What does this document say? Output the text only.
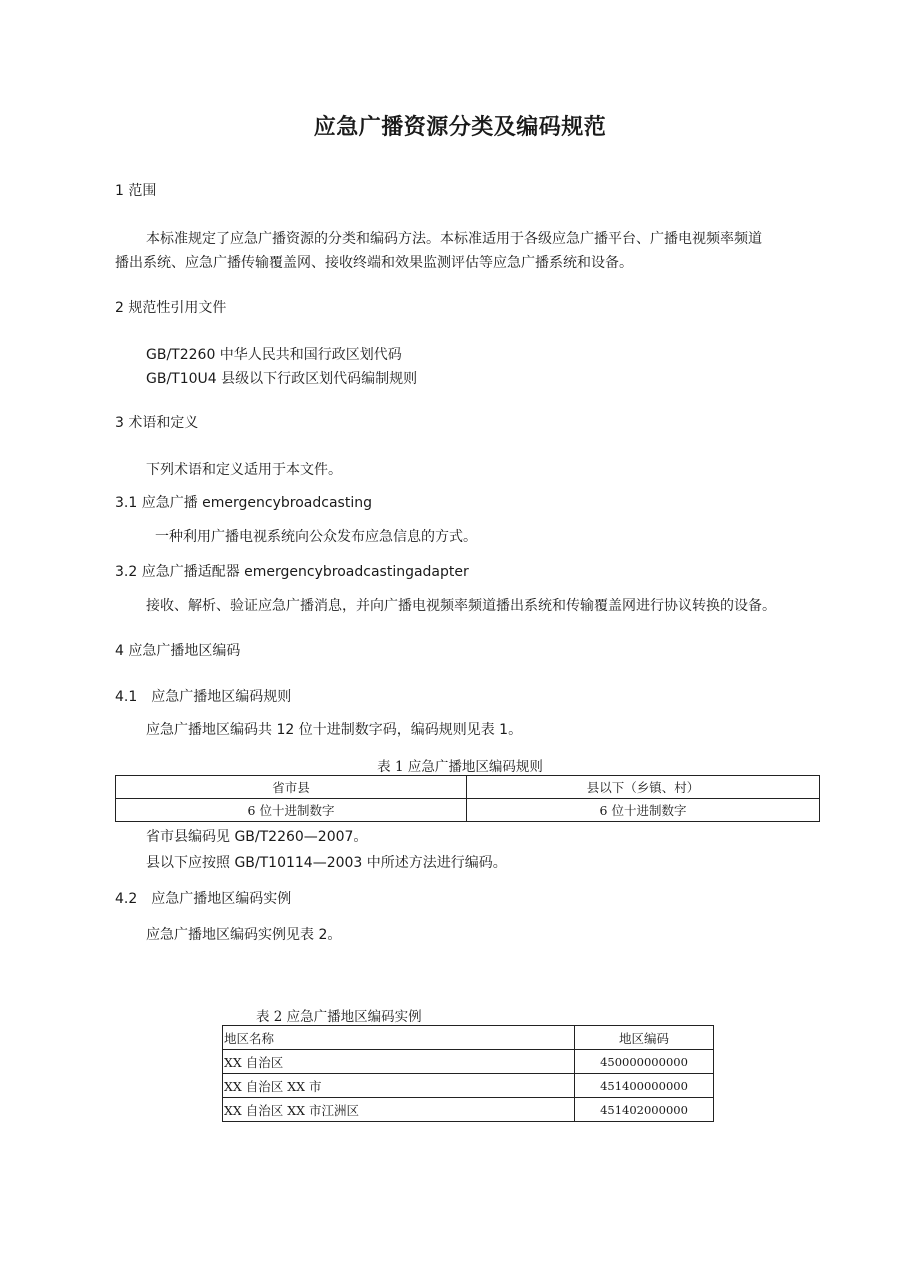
应急广播资源分类及编码规范
1 范围
本标准规定了应急广播资源的分类和编码方法。本标准适用于各级应急广播平台、广播电视频率频道
播出系统、应急广播传输覆盖网、接收终端和效果监测评估等应急广播系统和设备。
2 规范性引用文件
GB/T2260 中华人民共和国行政区划代码
GB/T10U4 县级以下行政区划代码编制规则
3 术语和定义
下列术语和定义适用于本文件。
3.1 应急广播 emergencybroadcasting
一种利用广播电视系统向公众发布应急信息的方式。
3.2 应急广播适配器 emergencybroadcastingadapter
接收、解析、验证应急广播消息，并向广播电视频率频道播出系统和传输覆盖网进行协议转换的设备。
4 应急广播地区编码
4.1　应急广播地区编码规则
应急广播地区编码共 12 位十进制数字码，编码规则见表 1。
表 1 应急广播地区编码规则
省市县	县以下（乡镇、村）
6 位十进制数字	6 位十进制数字
省市县编码见 GB/T2260—2007。
县以下应按照 GB/T10114—2003 中所述方法进行编码。
4.2　应急广播地区编码实例
应急广播地区编码实例见表 2。
表 2 应急广播地区编码实例
地区名称	地区编码
XX 自治区	450000000000
XX 自治区 XX 市	451400000000
XX 自治区 XX 市江洲区	451402000000
